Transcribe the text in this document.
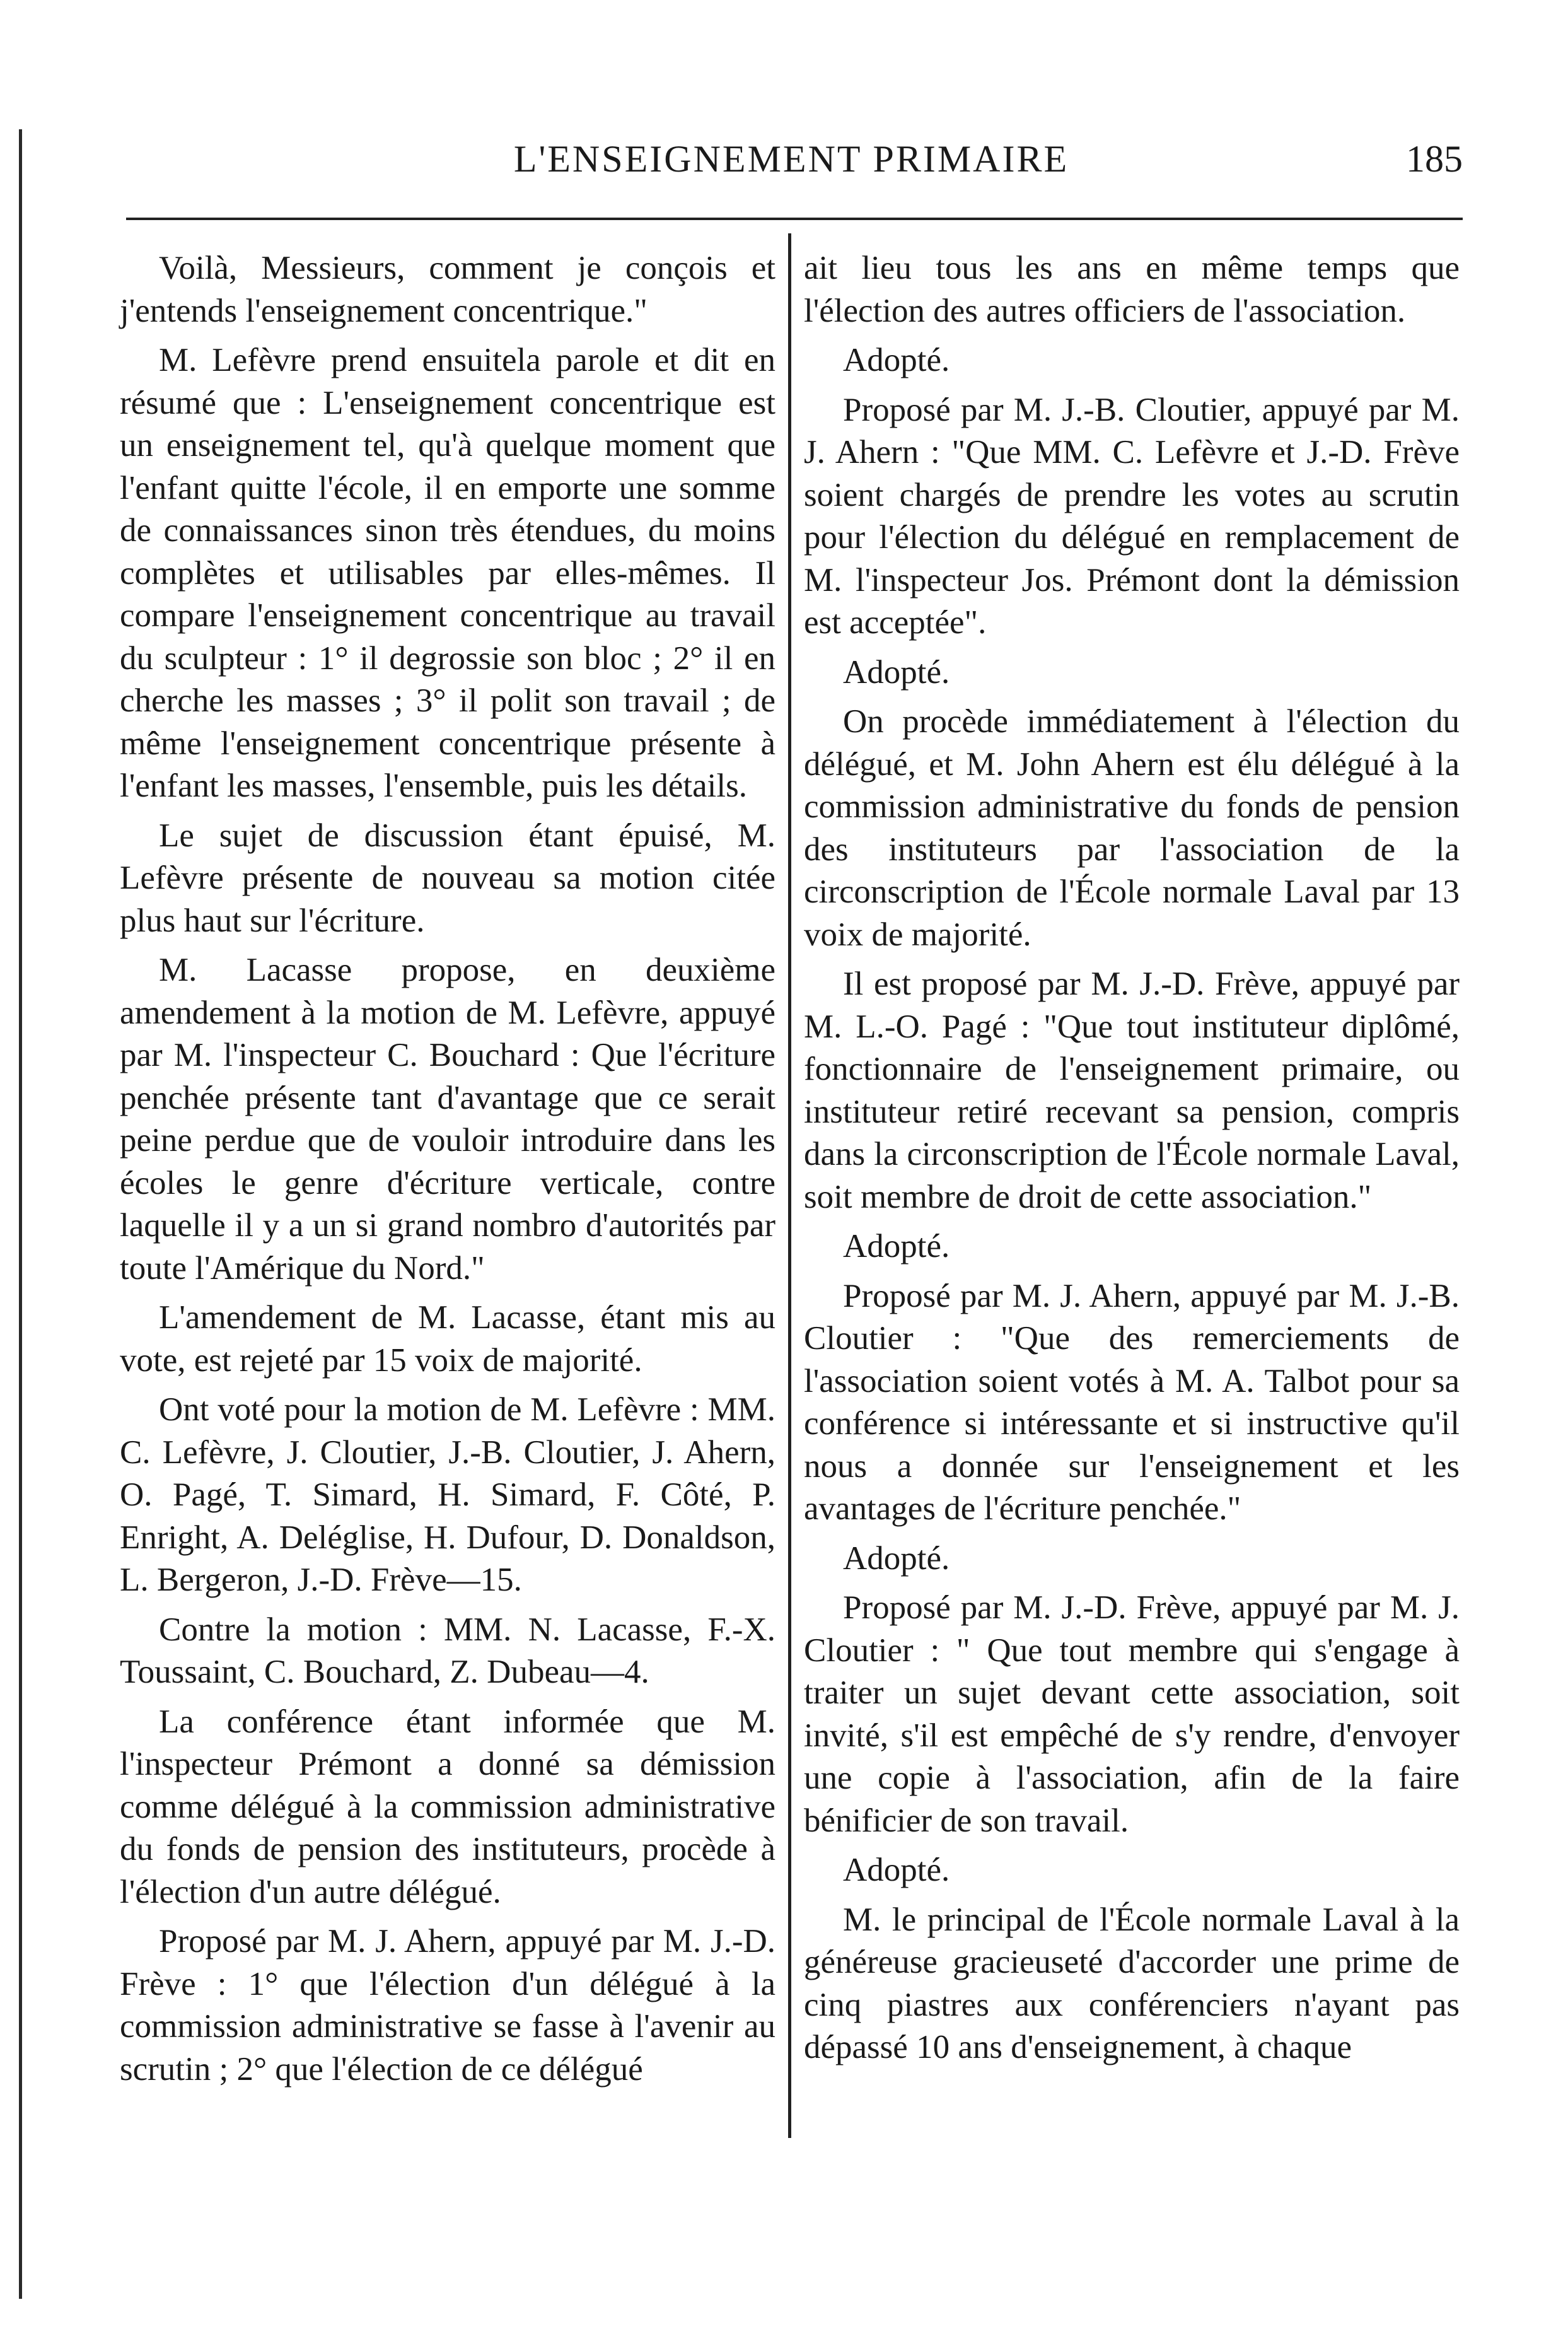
L'ENSEIGNEMENT PRIMAIRE	185

Voilà, Messieurs, comment je conçois et j'entends l'enseignement concentrique."

M. Lefèvre prend ensuitela parole et dit en résumé que : L'enseignement concentrique est un enseignement tel, qu'à quelque moment que l'enfant quitte l'école, il en emporte une somme de connaissances sinon très étendues, du moins complètes et utilisables par elles-mêmes. Il compare l'enseignement concentrique au travail du sculpteur : 1° il degrossie son bloc ; 2° il en cherche les masses ; 3° il polit son travail ; de même l'enseignement concentrique présente à l'enfant les masses, l'ensemble, puis les détails.

Le sujet de discussion étant épuisé, M. Lefèvre présente de nouveau sa motion citée plus haut sur l'écriture.

M. Lacasse propose, en deuxième amendement à la motion de M. Lefèvre, appuyé par M. l'inspecteur C. Bouchard : Que l'écriture penchée présente tant d'avantage que ce serait peine perdue que de vouloir introduire dans les écoles le genre d'écriture verticale, contre laquelle il y a un si grand nombro d'autorités par toute l'Amérique du Nord."

L'amendement de M. Lacasse, étant mis au vote, est rejeté par 15 voix de majorité.

Ont voté pour la motion de M. Lefèvre : MM. C. Lefèvre, J. Cloutier, J.-B. Cloutier, J. Ahern, O. Pagé, T. Simard, H. Simard, F. Côté, P. Enright, A. Deléglise, H. Dufour, D. Donaldson, L. Bergeron, J.-D. Frève—15.

Contre la motion : MM. N. Lacasse, F.-X. Toussaint, C. Bouchard, Z. Dubeau—4.

La conférence étant informée que M. l'inspecteur Prémont a donné sa démission comme délégué à la commission administrative du fonds de pension des instituteurs, procède à l'élection d'un autre délégué.

Proposé par M. J. Ahern, appuyé par M. J.-D. Frève : 1° que l'élection d'un délégué à la commission administrative se fasse à l'avenir au scrutin ; 2° que l'élection de ce délégué

ait lieu tous les ans en même temps que l'élection des autres officiers de l'association.

Adopté.

Proposé par M. J.-B. Cloutier, appuyé par M. J. Ahern : "Que MM. C. Lefèvre et J.-D. Frève soient chargés de prendre les votes au scrutin pour l'élection du délégué en remplacement de M. l'inspecteur Jos. Prémont dont la démission est acceptée".

Adopté.

On procède immédiatement à l'élection du délégué, et M. John Ahern est élu délégué à la commission administrative du fonds de pension des instituteurs par l'association de la circonscription de l'École normale Laval par 13 voix de majorité.

Il est proposé par M. J.-D. Frève, appuyé par M. L.-O. Pagé : "Que tout instituteur diplômé, fonctionnaire de l'enseignement primaire, ou instituteur retiré recevant sa pension, compris dans la circonscription de l'École normale Laval, soit membre de droit de cette association."

Adopté.

Proposé par M. J. Ahern, appuyé par M. J.-B. Cloutier : "Que des remerciements de l'association soient votés à M. A. Talbot pour sa conférence si intéressante et si instructive qu'il nous a donnée sur l'enseignement et les avantages de l'écriture penchée."

Adopté.

Proposé par M. J.-D. Frève, appuyé par M. J. Cloutier : " Que tout membre qui s'engage à traiter un sujet devant cette association, soit invité, s'il est empêché de s'y rendre, d'envoyer une copie à l'association, afin de la faire bénificier de son travail.

Adopté.

M. le principal de l'École normale Laval à la généreuse gracieuseté d'accorder une prime de cinq piastres aux conférenciers n'ayant pas dépassé 10 ans d'enseignement, à chaque
